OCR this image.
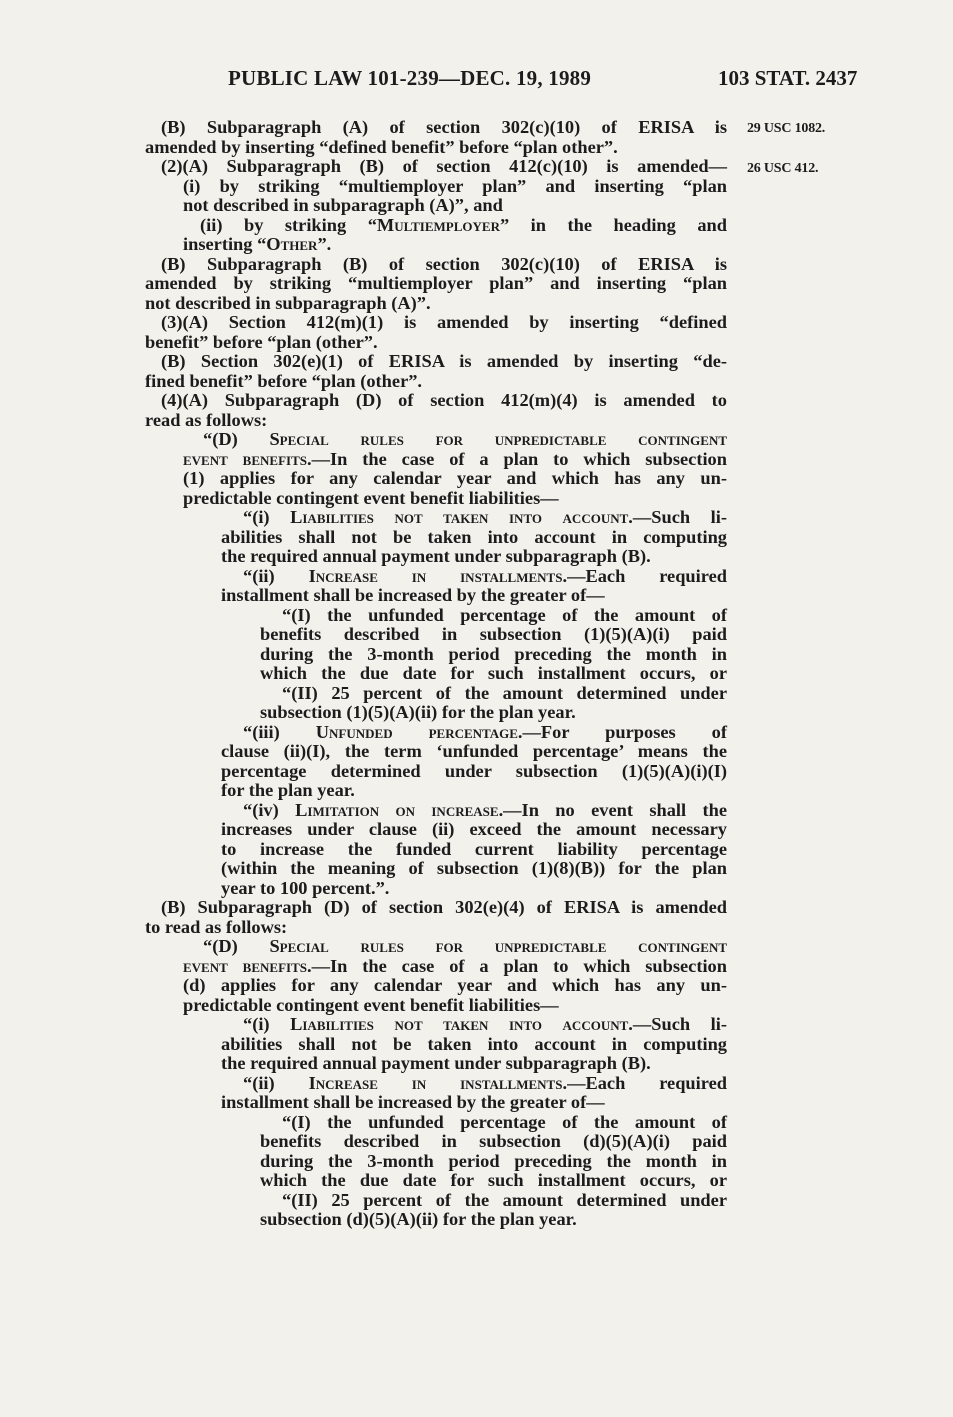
PUBLIC LAW 101-239—DEC. 19, 1989	103 STAT. 2437
29 USC 1082.
26 USC 412.
(B) Subparagraph (A) of section 302(c)(10) of ERISA is
amended by inserting “defined benefit” before “plan other”.
(2)(A) Subparagraph (B) of section 412(c)(10) is amended—
(i) by striking “multiemployer plan” and inserting “plan
not described in subparagraph (A)”, and
(ii) by striking “Multiemployer” in the heading and
inserting “Other”.
(B) Subparagraph (B) of section 302(c)(10) of ERISA is
amended by striking “multiemployer plan” and inserting “plan
not described in subparagraph (A)”.
(3)(A) Section 412(m)(1) is amended by inserting “defined
benefit” before “plan (other”.
(B) Section 302(e)(1) of ERISA is amended by inserting “de-
fined benefit” before “plan (other”.
(4)(A) Subparagraph (D) of section 412(m)(4) is amended to
read as follows:
“(D) Special rules for unpredictable contingent
event benefits.—In the case of a plan to which subsection
(1) applies for any calendar year and which has any un-
predictable contingent event benefit liabilities—
“(i) Liabilities not taken into account.—Such li-
abilities shall not be taken into account in computing
the required annual payment under subparagraph (B).
“(ii) Increase in installments.—Each required
installment shall be increased by the greater of—
“(I) the unfunded percentage of the amount of
benefits described in subsection (1)(5)(A)(i) paid
during the 3-month period preceding the month in
which the due date for such installment occurs, or
“(II) 25 percent of the amount determined under
subsection (1)(5)(A)(ii) for the plan year.
“(iii) Unfunded percentage.—For purposes of
clause (ii)(I), the term ‘unfunded percentage’ means the
percentage determined under subsection (1)(5)(A)(i)(I)
for the plan year.
“(iv) Limitation on increase.—In no event shall the
increases under clause (ii) exceed the amount necessary
to increase the funded current liability percentage
(within the meaning of subsection (1)(8)(B)) for the plan
year to 100 percent.”.
(B) Subparagraph (D) of section 302(e)(4) of ERISA is amended
to read as follows:
“(D) Special rules for unpredictable contingent
event benefits.—In the case of a plan to which subsection
(d) applies for any calendar year and which has any un-
predictable contingent event benefit liabilities—
“(i) Liabilities not taken into account.—Such li-
abilities shall not be taken into account in computing
the required annual payment under subparagraph (B).
“(ii) Increase in installments.—Each required
installment shall be increased by the greater of—
“(I) the unfunded percentage of the amount of
benefits described in subsection (d)(5)(A)(i) paid
during the 3-month period preceding the month in
which the due date for such installment occurs, or
“(II) 25 percent of the amount determined under
subsection (d)(5)(A)(ii) for the plan year.
